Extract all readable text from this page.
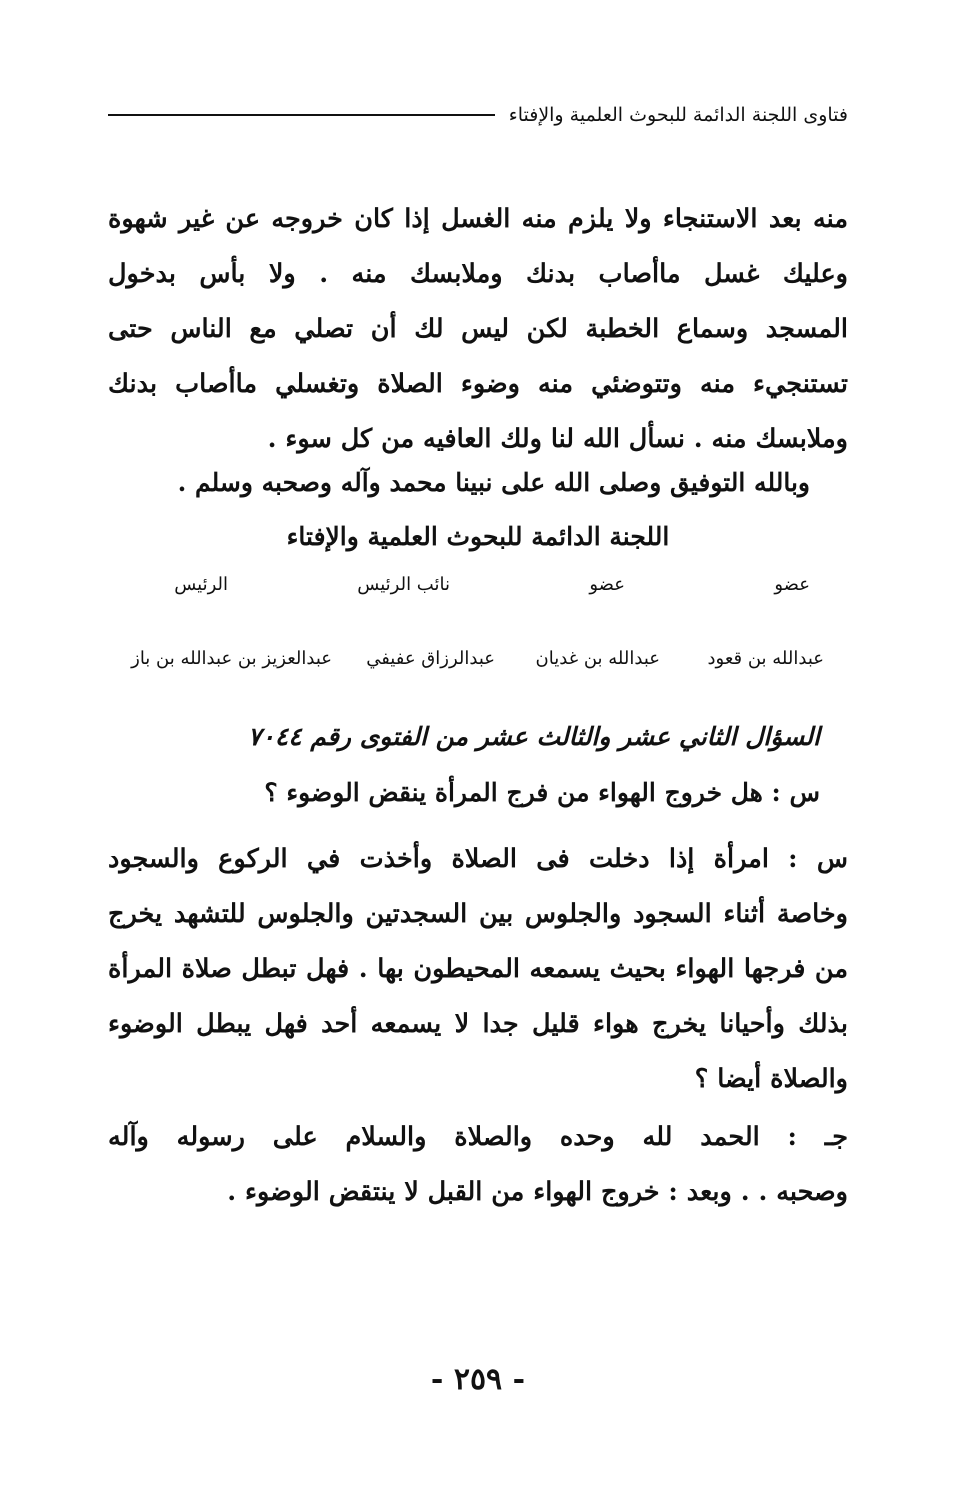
فتاوى اللجنة الدائمة للبحوث العلمية والإفتاء
منه بعد الاستنجاء ولا يلزم منه الغسل إذا كان خروجه عن غير شهوة
وعليك غسل ماأصاب بدنك وملابسك منه . ولا بأس بدخول
المسجد وسماع الخطبة لكن ليس لك أن تصلي مع الناس حتى
تستنجيء منه وتتوضئي منه وضوء الصلاة وتغسلي ماأصاب بدنك
وملابسك منه . نسأل الله لنا ولك العافيه من كل سوء .
وبالله التوفيق وصلى الله على نبينا محمد وآله وصحبه وسلم .
اللجنة الدائمة للبحوث العلمية والإفتاء
عضو
عضو
نائب الرئيس
الرئيس
عبدالله بن قعود
عبدالله بن غديان
عبدالرزاق عفيفي
عبدالعزيز بن عبدالله بن باز
السؤال الثاني عشر والثالث عشر من الفتوى رقم ٧٠٤٤
س : هل خروج الهواء من فرج المرأة ينقض الوضوء ؟
س : امرأة إذا دخلت فى الصلاة وأخذت في الركوع والسجود
وخاصة أثناء السجود والجلوس بين السجدتين والجلوس للتشهد يخرج
من فرجها الهواء بحيث يسمعه المحيطون بها . فهل تبطل صلاة المرأة
بذلك وأحيانا يخرج هواء قليل جدا لا يسمعه أحد فهل يبطل الوضوء
والصلاة أيضا ؟
جـ : الحمد لله وحده والصلاة والسلام على رسوله وآله
وصحبه . . وبعد : خروج الهواء من القبل لا ينتقض الوضوء .
- ٢٥٩ -
